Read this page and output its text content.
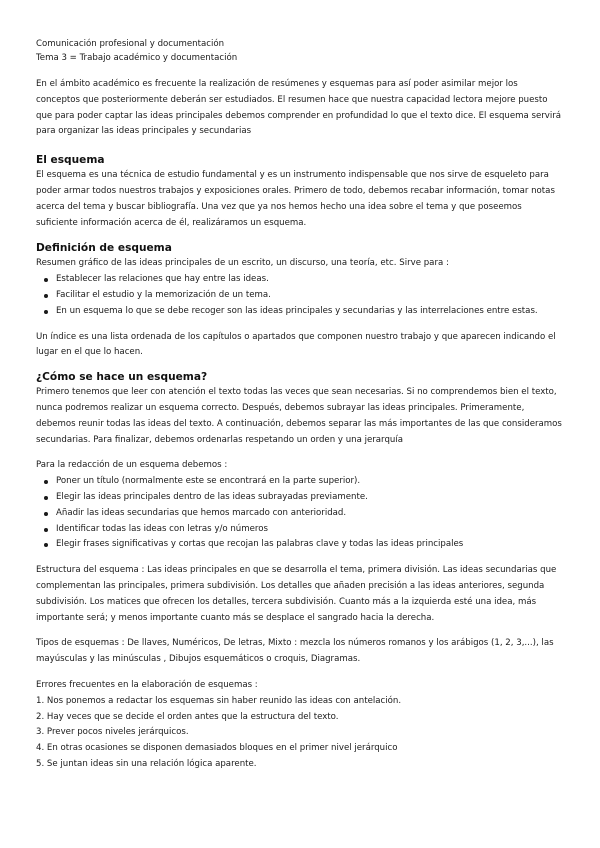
Comunicación profesional y documentación
Tema 3 = Trabajo académico y documentación

En el ámbito académico es frecuente la realización de resúmenes y esquemas para así poder asimilar mejor los conceptos que posteriormente deberán ser estudiados. El resumen hace que nuestra capacidad lectora mejore puesto que para poder captar las ideas principales debemos comprender en profundidad lo que el texto dice. El esquema servirá para organizar las ideas principales y secundarias

El esquema

El esquema es una técnica de estudio fundamental y es un instrumento indispensable que nos sirve de esqueleto para poder armar todos nuestros trabajos y exposiciones orales. Primero de todo, debemos recabar información, tomar notas acerca del tema y buscar bibliografía. Una vez que ya nos hemos hecho una idea sobre el tema y que poseemos suficiente información acerca de él, realizáramos un esquema.

Definición de esquema

Resumen gráfico de las ideas principales de un escrito, un discurso, una teoría, etc. Sirve para :

Establecer las relaciones que hay entre las ideas.
Facilitar el estudio y la memorización de un tema.
En un esquema lo que se debe recoger son las ideas principales y secundarias y las interrelaciones entre estas.

Un índice es una lista ordenada de los capítulos o apartados que componen nuestro trabajo y que aparecen indicando el lugar en el que lo hacen.

¿Cómo se hace un esquema?

Primero tenemos que leer con atención el texto todas las veces que sean necesarias. Si no comprendemos bien el texto, nunca podremos realizar un esquema correcto. Después, debemos subrayar las ideas principales. Primeramente, debemos reunir todas las ideas del texto. A continuación, debemos separar las más importantes de las que consideramos secundarias. Para finalizar, debemos ordenarlas respetando un orden y una jerarquía

Para la redacción de un esquema debemos :

Poner un título (normalmente este se encontrará en la parte superior).
Elegir las ideas principales dentro de las ideas subrayadas previamente.
Añadir las ideas secundarias que hemos marcado con anterioridad.
Identificar todas las ideas con letras y/o números
Elegir frases significativas y cortas que recojan las palabras clave y todas las ideas principales

Estructura del esquema : Las ideas principales en que se desarrolla el tema, primera división. Las ideas secundarias que complementan las principales, primera subdivisión. Los detalles que añaden precisión a las ideas anteriores, segunda subdivisión. Los matices que ofrecen los detalles, tercera subdivisión. Cuanto más a la izquierda esté una idea, más importante será; y menos importante cuanto más se desplace el sangrado hacia la derecha.

Tipos de esquemas : De llaves, Numéricos, De letras, Mixto : mezcla los números romanos y los arábigos (1, 2, 3,...), las mayúsculas y las minúsculas , Dibujos esquemáticos o croquis, Diagramas.

Errores frecuentes en la elaboración de esquemas :

1. Nos ponemos a redactar los esquemas sin haber reunido las ideas con antelación.

2. Hay veces que se decide el orden antes que la estructura del texto.

3. Prever pocos niveles jerárquicos.

4. En otras ocasiones se disponen demasiados bloques en el primer nivel jerárquico

5. Se juntan ideas sin una relación lógica aparente.
